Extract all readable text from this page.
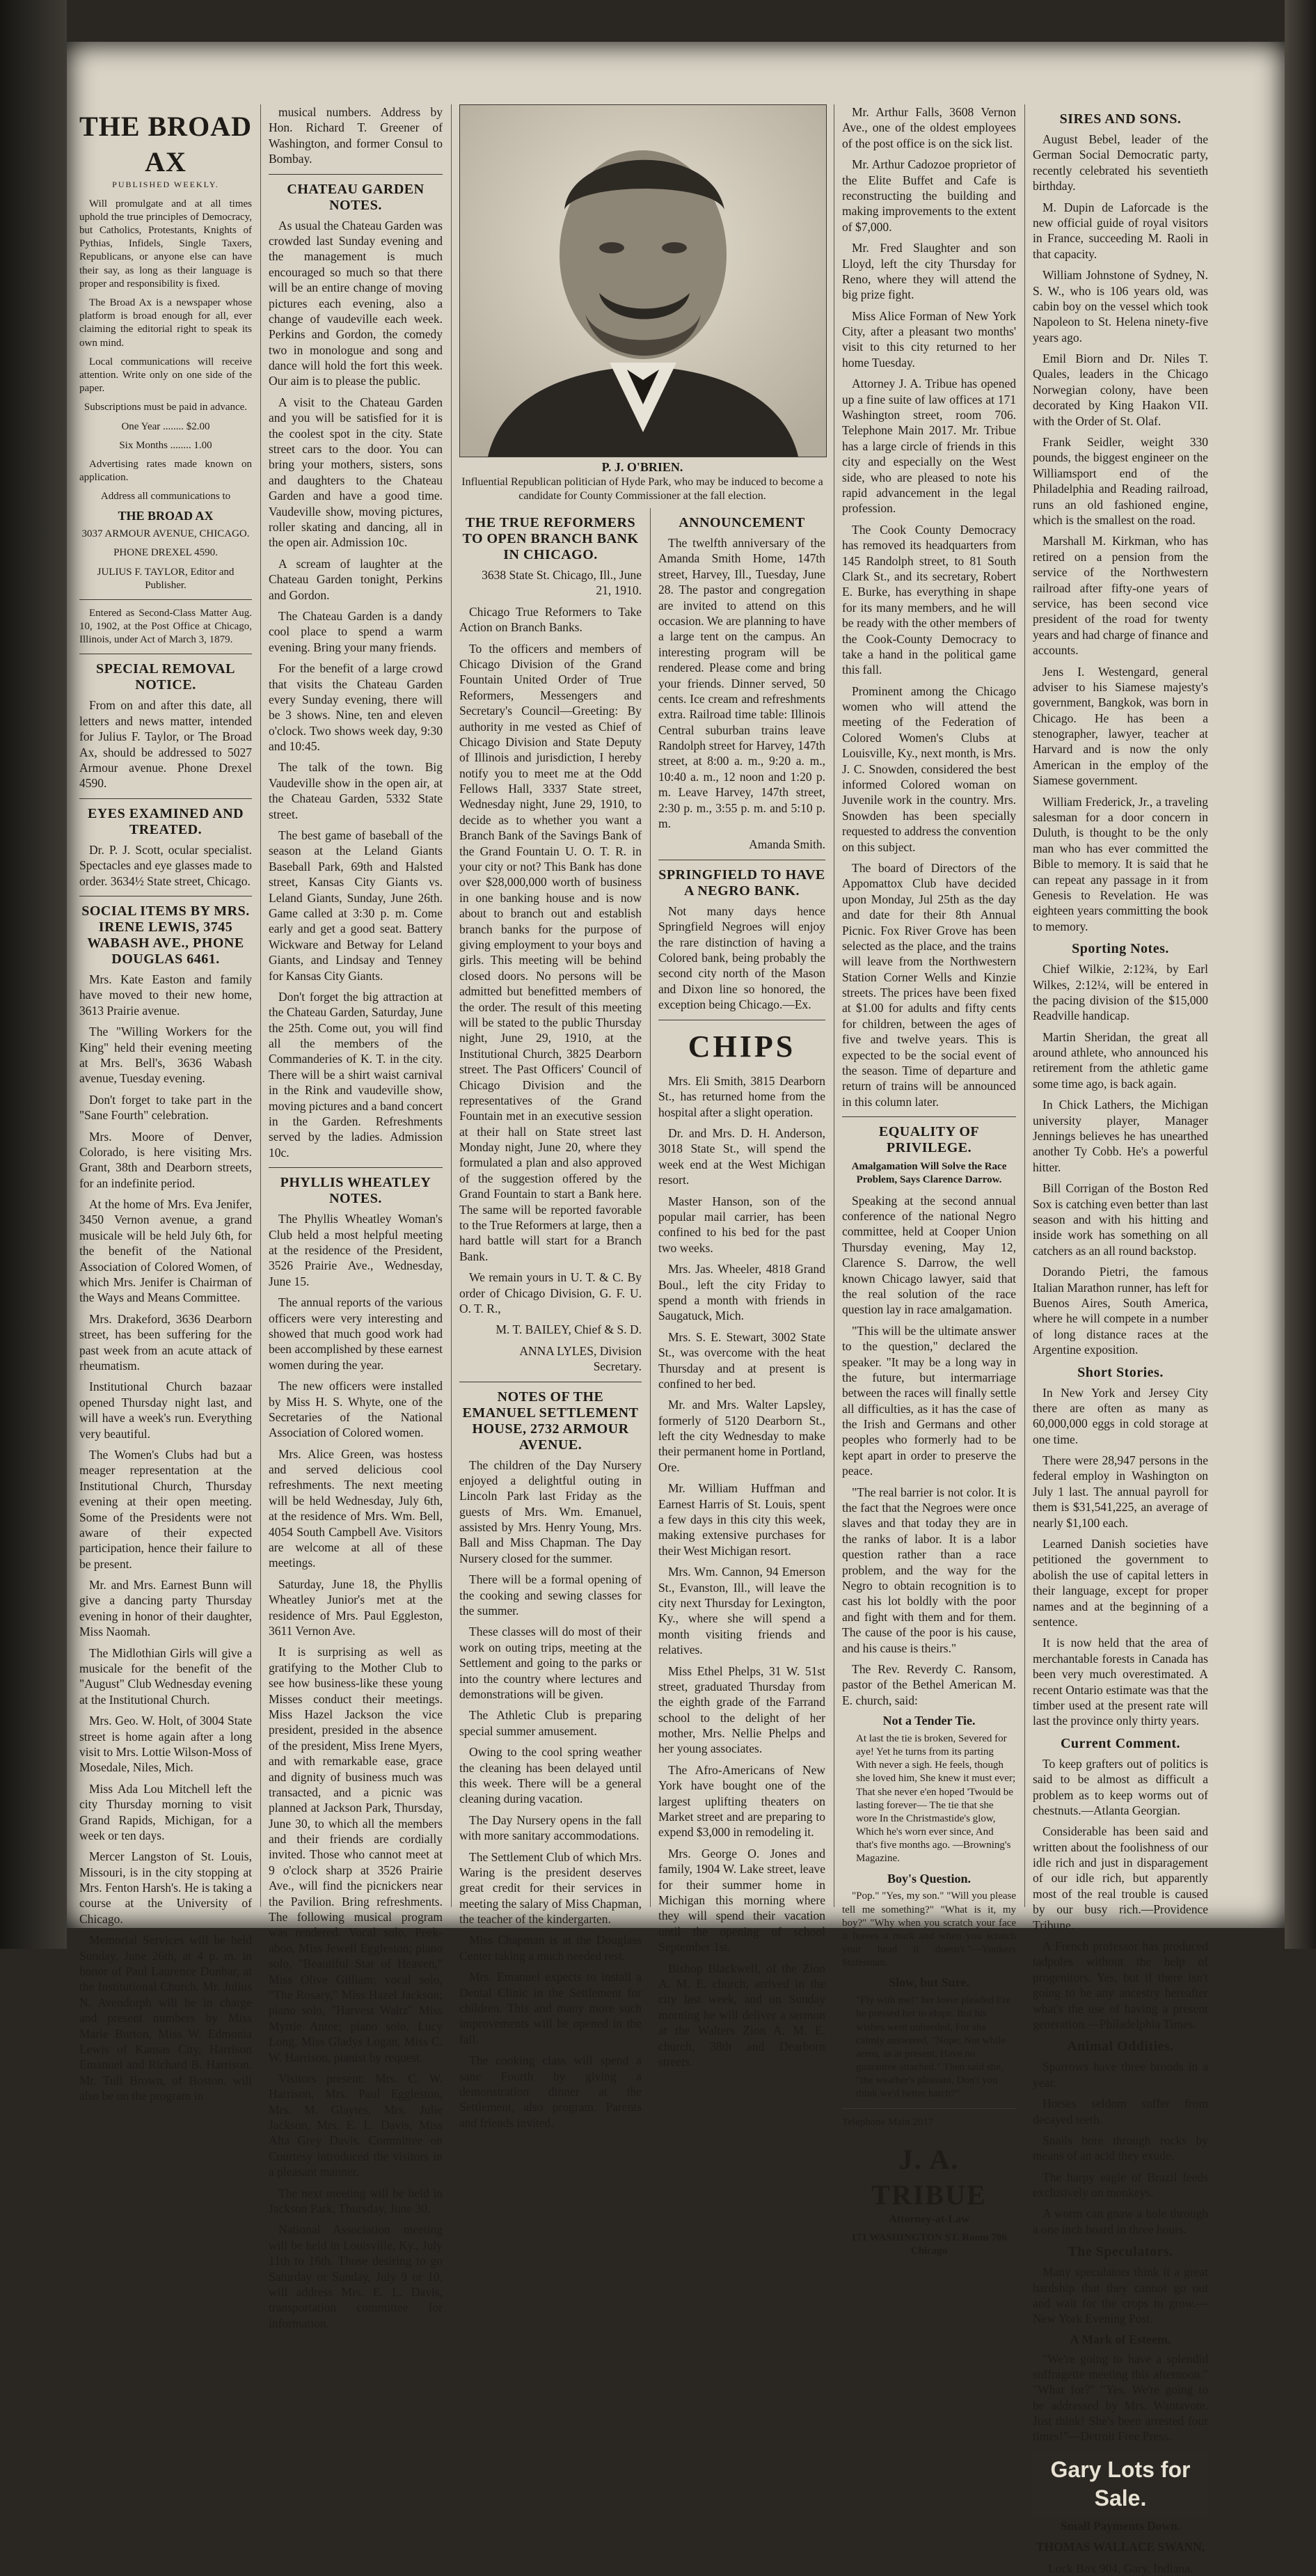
THE BROAD AX
PUBLISHED WEEKLY.

Will promulgate and at all times uphold the true principles of Democracy, but Catholics, Protestants, Knights of Pythias, Infidels, Single Taxers, Republicans, or anyone else can have their say, as long as their language is proper and responsibility is fixed.

The Broad Ax is a newspaper whose platform is broad enough for all, ever claiming the editorial right to speak its own mind.

Local communications will receive attention. Write only on one side of the paper.

Subscriptions must be paid in advance.

One Year ........ $2.00

Six Months ........ 1.00

Advertising rates made known on application.

Address all communications to

THE BROAD AX

3037 ARMOUR AVENUE, CHICAGO.

PHONE DREXEL 4590.

JULIUS F. TAYLOR, Editor and Publisher.

Entered as Second-Class Matter Aug. 10, 1902, at the Post Office at Chicago, Illinois, under Act of March 3, 1879.

SPECIAL REMOVAL NOTICE.

From on and after this date, all letters and news matter, intended for Julius F. Taylor, or The Broad Ax, should be addressed to 5027 Armour avenue. Phone Drexel 4590.

EYES EXAMINED AND TREATED.

Dr. P. J. Scott, ocular specialist. Spectacles and eye glasses made to order. 3634½ State street, Chicago.

SOCIAL ITEMS BY MRS. IRENE LEWIS, 3745 WABASH AVE., PHONE DOUGLAS 6461.

Mrs. Kate Easton and family have moved to their new home, 3613 Prairie avenue.

The "Willing Workers for the King" held their evening meeting at Mrs. Bell's, 3636 Wabash avenue, Tuesday evening.

Don't forget to take part in the "Sane Fourth" celebration.

Mrs. Moore of Denver, Colorado, is here visiting Mrs. Grant, 38th and Dearborn streets, for an indefinite period.

At the home of Mrs. Eva Jenifer, 3450 Vernon avenue, a grand musicale will be held July 6th, for the benefit of the National Association of Colored Women, of which Mrs. Jenifer is Chairman of the Ways and Means Committee.

Mrs. Drakeford, 3636 Dearborn street, has been suffering for the past week from an acute attack of rheumatism.

Institutional Church bazaar opened Thursday night last, and will have a week's run. Everything very beautiful.

The Women's Clubs had but a meager representation at the Institutional Church, Thursday evening at their open meeting. Some of the Presidents were not aware of their expected participation, hence their failure to be present.

Mr. and Mrs. Earnest Bunn will give a dancing party Thursday evening in honor of their daughter, Miss Naomah.

The Midlothian Girls will give a musicale for the benefit of the "August" Club Wednesday evening at the Institutional Church.

Mrs. Geo. W. Holt, of 3004 State street is home again after a long visit to Mrs. Lottie Wilson-Moss of Mosedale, Niles, Mich.

Miss Ada Lou Mitchell left the city Thursday morning to visit Grand Rapids, Michigan, for a week or ten days.

Mercer Langston of St. Louis, Missouri, is in the city stopping at Mrs. Fenton Harsh's. He is taking a course at the University of Chicago.

Memorial Services will be held Sunday, June 26th, at 4 p. m. in honor of Paul Laurence Dunbar, at the Institutional Church. Mr. Julius N. Avendorph will be in charge and present numbers by Miss Marie Burton, Miss W. Edmonia Lewis of Kansas City, Harrison Emanuel and Richard B. Harrison. Mr. Tull Brown, of Boston, will also be on the program in

musical numbers. Address by Hon. Richard T. Greener of Washington, and former Consul to Bombay.

CHATEAU GARDEN NOTES.

As usual the Chateau Garden was crowded last Sunday evening and the management is much encouraged so much so that there will be an entire change of moving pictures each evening, also a change of vaudeville each week. Perkins and Gordon, the comedy two in monologue and song and dance will hold the fort this week. Our aim is to please the public.

A visit to the Chateau Garden and you will be satisfied for it is the coolest spot in the city. State street cars to the door. You can bring your mothers, sisters, sons and daughters to the Chateau Garden and have a good time. Vaudeville show, moving pictures, roller skating and dancing, all in the open air. Admission 10c.

A scream of laughter at the Chateau Garden tonight, Perkins and Gordon.

The Chateau Garden is a dandy cool place to spend a warm evening. Bring your many friends.

For the benefit of a large crowd that visits the Chateau Garden every Sunday evening, there will be 3 shows. Nine, ten and eleven o'clock. Two shows week day, 9:30 and 10:45.

The talk of the town. Big Vaudeville show in the open air, at the Chateau Garden, 5332 State street.

The best game of baseball of the season at the Leland Giants Baseball Park, 69th and Halsted street, Kansas City Giants vs. Leland Giants, Sunday, June 26th. Game called at 3:30 p. m. Come early and get a good seat. Battery Wickware and Betway for Leland Giants, and Lindsay and Tenney for Kansas City Giants.

Don't forget the big attraction at the Chateau Garden, Saturday, June the 25th. Come out, you will find all the members of the Commanderies of K. T. in the city. There will be a shirt waist carnival in the Rink and vaudeville show, moving pictures and a band concert in the Garden. Refreshments served by the ladies. Admission 10c.

PHYLLIS WHEATLEY NOTES.

The Phyllis Wheatley Woman's Club held a most helpful meeting at the residence of the President, 3526 Prairie Ave., Wednesday, June 15.

The annual reports of the various officers were very interesting and showed that much good work had been accomplished by these earnest women during the year.

The new officers were installed by Miss H. S. Whyte, one of the Secretaries of the National Association of Colored women.

Mrs. Alice Green, was hostess and served delicious cool refreshments. The next meeting will be held Wednesday, July 6th, at the residence of Mrs. Wm. Bell, 4054 South Campbell Ave. Visitors are welcome at all of these meetings.

Saturday, June 18, the Phyllis Wheatley Junior's met at the residence of Mrs. Paul Eggleston, 3611 Vernon Ave.

It is surprising as well as gratifying to the Mother Club to see how business-like these young Misses conduct their meetings. Miss Hazel Jackson the vice president, presided in the absence of the president, Miss Irene Myers, and with remarkable ease, grace and dignity of business much was transacted, and a picnic was planned at Jackson Park, Thursday, June 30, to which all the members and their friends are cordially invited. Those who cannot meet at 9 o'clock sharp at 3526 Prairie Ave., will find the picnickers near the Pavilion. Bring refreshments. The following musical program was rendered. Vocal solo, Peek-aboo, Miss Jewell Eggleston; piano solo, "Beautiful Star of Heaven," Miss Olive Gilliam; vocal solo, "The Rosary," Miss Hazel Jackson; piano solo, "Harvest Waltz" Miss Myrtle Antee; piano solo, Lucy Long, Miss Gladys Logan, Miss C. W. Harrison, pianist by request.

Visitors present: Mrs. C. W. Harrison, Mrs. Paul Eggleston, Mrs. M. Glaytes, Mrs. Julie Jackson, Mrs. E. L. Davis, Miss Alta Grey Davis. Committee on Courtesy introduced the visitors in a pleasant manner.

The next meeting will be held in Jackson Park, Thursday, June 30.

National Association meeting will be held in Louisville, Ky., July 11th to 16th. Those desiring to go Saturday or Sunday, July 9 or 10, will address Mrs. E. L. Davis, transportation committee for information.

P. J. O'BRIEN.
Influential Republican politician of Hyde Park, who may be induced to become a candidate for County Commissioner at the fall election.
THE TRUE REFORMERS TO OPEN BRANCH BANK IN CHICAGO.

3638 State St. Chicago, Ill., June 21, 1910.

Chicago True Reformers to Take Action on Branch Banks.

To the officers and members of Chicago Division of the Grand Fountain United Order of True Reformers, Messengers and Secretary's Council—Greeting: By authority in me vested as Chief of Chicago Division and State Deputy of Illinois and jurisdiction, I hereby notify you to meet me at the Odd Fellows Hall, 3337 State street, Wednesday night, June 29, 1910, to decide as to whether you want a Branch Bank of the Savings Bank of the Grand Fountain U. O. T. R. in your city or not? This Bank has done over $28,000,000 worth of business in one banking house and is now about to branch out and establish branch banks for the purpose of giving employment to your boys and girls. This meeting will be behind closed doors. No persons will be admitted but benefitted members of the order. The result of this meeting will be stated to the public Thursday night, June 29, 1910, at the Institutional Church, 3825 Dearborn street. The Past Officers' Council of Chicago Division and the representatives of the Grand Fountain met in an executive session at their hall on State street last Monday night, June 20, where they formulated a plan and also approved of the suggestion offered by the Grand Fountain to start a Bank here. The same will be reported favorable to the True Reformers at large, then a hard battle will start for a Branch Bank.

We remain yours in U. T. & C. By order of Chicago Division, G. F. U. O. T. R.,

M. T. BAILEY, Chief & S. D.

ANNA LYLES, Division Secretary.

NOTES OF THE EMANUEL SETTLEMENT HOUSE, 2732 ARMOUR AVENUE.

The children of the Day Nursery enjoyed a delightful outing in Lincoln Park last Friday as the guests of Mrs. Wm. Emanuel, assisted by Mrs. Henry Young, Mrs. Ball and Miss Chapman. The Day Nursery closed for the summer.

There will be a formal opening of the cooking and sewing classes for the summer.

These classes will do most of their work on outing trips, meeting at the Settlement and going to the parks or into the country where lectures and demonstrations will be given.

The Athletic Club is preparing special summer amusement.

Owing to the cool spring weather the cleaning has been delayed until this week. There will be a general cleaning during vacation.

The Day Nursery opens in the fall with more sanitary accommodations.

The Settlement Club of which Mrs. Waring is the president deserves great credit for their services in meeting the salary of Miss Chapman, the teacher of the kindergarten.

Miss Chapman is at the Douglass Center taking a much needed rest.

Mrs. Emanuel expects to install a Dental Clinic in the Settlement for children. This and many more such improvements will be opened in the fall.

The cooking class will spend a sane Fourth by giving a demonstration dinner at the Settlement, also program. Parents and friends invited.

ANNOUNCEMENT

The twelfth anniversary of the Amanda Smith Home, 147th street, Harvey, Ill., Tuesday, June 28. The pastor and congregation are invited to attend on this occasion. We are planning to have a large tent on the campus. An interesting program will be rendered. Please come and bring your friends. Dinner served, 50 cents. Ice cream and refreshments extra. Railroad time table: Illinois Central suburban trains leave Randolph street for Harvey, 147th street, at 8:00 a. m., 9:20 a. m., 10:40 a. m., 12 noon and 1:20 p. m. Leave Harvey, 147th street, 2:30 p. m., 3:55 p. m. and 5:10 p. m.

Amanda Smith.

SPRINGFIELD TO HAVE A NEGRO BANK.

Not many days hence Springfield Negroes will enjoy the rare distinction of having a Colored bank, being probably the second city north of the Mason and Dixon line so honored, the exception being Chicago.—Ex.

CHIPS

Mrs. Eli Smith, 3815 Dearborn St., has returned home from the hospital after a slight operation.

Dr. and Mrs. D. H. Anderson, 3018 State St., will spend the week end at the West Michigan resort.

Master Hanson, son of the popular mail carrier, has been confined to his bed for the past two weeks.

Mrs. Jas. Wheeler, 4818 Grand Boul., left the city Friday to spend a month with friends in Saugatuck, Mich.

Mrs. S. E. Stewart, 3002 State St., was overcome with the heat Thursday and at present is confined to her bed.

Mr. and Mrs. Walter Lapsley, formerly of 5120 Dearborn St., left the city Wednesday to make their permanent home in Portland, Ore.

Mr. William Huffman and Earnest Harris of St. Louis, spent a few days in this city this week, making extensive purchases for their West Michigan resort.

Mrs. Wm. Cannon, 94 Emerson St., Evanston, Ill., will leave the city next Thursday for Lexington, Ky., where she will spend a month visiting friends and relatives.

Miss Ethel Phelps, 31 W. 51st street, graduated Thursday from the eighth grade of the Farrand school to the delight of her mother, Mrs. Nellie Phelps and her young associates.

The Afro-Americans of New York have bought one of the largest uplifting theaters on Market street and are preparing to expend $3,000 in remodeling it.

Mrs. George O. Jones and family, 1904 W. Lake street, leave for their summer home in Michigan this morning where they will spend their vacation until the opening of school September 1st.

Bishop Blackwell, of the Zion A. M. E. church, arrived in the city last week, and on Sunday morning he will deliver a sermon at the Walters Zion A. M. E. church, 38th and Dearborn streets.

Mr. Arthur Falls, 3608 Vernon Ave., one of the oldest employees of the post office is on the sick list.

Mr. Arthur Cadozoe proprietor of the Elite Buffet and Cafe is reconstructing the building and making improvements to the extent of $7,000.

Mr. Fred Slaughter and son Lloyd, left the city Thursday for Reno, where they will attend the big prize fight.

Miss Alice Forman of New York City, after a pleasant two months' visit to this city returned to her home Tuesday.

Attorney J. A. Tribue has opened up a fine suite of law offices at 171 Washington street, room 706. Telephone Main 2017. Mr. Tribue has a large circle of friends in this city and especially on the West side, who are pleased to note his rapid advancement in the legal profession.

The Cook County Democracy has removed its headquarters from 145 Randolph street, to 81 South Clark St., and its secretary, Robert E. Burke, has everything in shape for its many members, and he will be ready with the other members of the Cook-County Democracy to take a hand in the political game this fall.

Prominent among the Chicago women who will attend the meeting of the Federation of Colored Women's Clubs at Louisville, Ky., next month, is Mrs. J. C. Snowden, considered the best informed Colored woman on Juvenile work in the country. Mrs. Snowden has been specially requested to address the convention on this subject.

The board of Directors of the Appomattox Club have decided upon Monday, Jul 25th as the day and date for their 8th Annual Picnic. Fox River Grove has been selected as the place, and the trains will leave from the Northwestern Station Corner Wells and Kinzie streets. The prices have been fixed at $1.00 for adults and fifty cents for children, between the ages of five and twelve years. This is expected to be the social event of the season. Time of departure and return of trains will be announced in this column later.

EQUALITY OF PRIVILEGE.

Amalgamation Will Solve the Race Problem, Says Clarence Darrow.

Speaking at the second annual conference of the national Negro committee, held at Cooper Union Thursday evening, May 12, Clarence S. Darrow, the well known Chicago lawyer, said that the real solution of the race question lay in race amalgamation.

"This will be the ultimate answer to the question," declared the speaker. "It may be a long way in the future, but intermarriage between the races will finally settle all difficulties, as it has the case of the Irish and Germans and other peoples who formerly had to be kept apart in order to preserve the peace.

"The real barrier is not color. It is the fact that the Negroes were once slaves and that today they are in the ranks of labor. It is a labor question rather than a race problem, and the way for the Negro to obtain recognition is to cast his lot boldly with the poor and fight with them and for them. The cause of the poor is his cause, and his cause is theirs."

The Rev. Reverdy C. Ransom, pastor of the Bethel American M. E. church, said:

Not a Tender Tie.

At last the tie is broken, Severed for aye! Yet he turns from its parting With never a sigh. He feels, though she loved him, She knew it must ever; That she never e'en hoped 'Twould be lasting forever— The tie that she wore In the Christmastide's glow, Which he's worn ever since, And that's five months ago. —Browning's Magazine.

Boy's Question.

"Pop." "Yes, my son." "Will you please tell me something?" "What is it, my boy?" "Why when you scratch your face it leaves a mark and when you scratch your head it doesn't."—Yonkers Statesman.

Slow, but Sure.

"Fly with me!" her lover pleaded Ere he pressed her to elope. But his wishes went unheeded, For she calmly answered, "Nope; Not while aeros, as at present, Have no guarantee attached." Then said she, "the weather's pleasant, Don't you think we'd better hatch?"

Telephone Main 2017

J. A. TRIBUE
Attorney-at-Law
171 WASHINGTON ST. Room 706 Chicago
SIRES AND SONS.

August Bebel, leader of the German Social Democratic party, recently celebrated his seventieth birthday.

M. Dupin de Laforcade is the new official guide of royal visitors in France, succeeding M. Raoli in that capacity.

William Johnstone of Sydney, N. S. W., who is 106 years old, was cabin boy on the vessel which took Napoleon to St. Helena ninety-five years ago.

Emil Biorn and Dr. Niles T. Quales, leaders in the Chicago Norwegian colony, have been decorated by King Haakon VII. with the Order of St. Olaf.

Frank Seidler, weight 330 pounds, the biggest engineer on the Williamsport end of the Philadelphia and Reading railroad, runs an old fashioned engine, which is the smallest on the road.

Marshall M. Kirkman, who has retired on a pension from the service of the Northwestern railroad after fifty-one years of service, has been second vice president of the road for twenty years and had charge of finance and accounts.

Jens I. Westengard, general adviser to his Siamese majesty's government, Bangkok, was born in Chicago. He has been a stenographer, lawyer, teacher at Harvard and is now the only American in the employ of the Siamese government.

William Frederick, Jr., a traveling salesman for a door concern in Duluth, is thought to be the only man who has ever committed the Bible to memory. It is said that he can repeat any passage in it from Genesis to Revelation. He was eighteen years committing the book to memory.

Sporting Notes.

Chief Wilkie, 2:12¾, by Earl Wilkes, 2:12¼, will be entered in the pacing division of the $15,000 Readville handicap.

Martin Sheridan, the great all around athlete, who announced his retirement from the athletic game some time ago, is back again.

In Chick Lathers, the Michigan university player, Manager Jennings believes he has unearthed another Ty Cobb. He's a powerful hitter.

Bill Corrigan of the Boston Red Sox is catching even better than last season and with his hitting and inside work has something on all catchers as an all round backstop.

Dorando Pietri, the famous Italian Marathon runner, has left for Buenos Aires, South America, where he will compete in a number of long distance races at the Argentine exposition.

Short Stories.

In New York and Jersey City there are often as many as 60,000,000 eggs in cold storage at one time.

There were 28,947 persons in the federal employ in Washington on July 1 last. The annual payroll for them is $31,541,225, an average of nearly $1,100 each.

Learned Danish societies have petitioned the government to abolish the use of capital letters in their language, except for proper names and at the beginning of a sentence.

It is now held that the area of merchantable forests in Canada has been very much overestimated. A recent Ontario estimate was that the timber used at the present rate will last the province only thirty years.

Current Comment.

To keep grafters out of politics is said to be almost as difficult a problem as to keep worms out of chestnuts.—Atlanta Georgian.

Considerable has been said and written about the foolishness of our idle rich and just in disparagement of our idle rich, but apparently most of the real trouble is caused by our busy rich.—Providence Tribune.

A French professor has produced tadpoles without the help of progenitors. Yes, but if there isn't going to be any ancestry hereafter what's the use of having a present generation.—Philadelphia Times.

Animal Oddities.

Sparrows have three broods in a year.

Horses seldom suffer from decayed teeth.

Snails bore through rocks by means of an acid they exude.

The harpy eagle of Brazil feeds exclusively on monkeys.

A worm can gnaw a hole through a one inch board in three hours.

The Speculators.

Many speculators think it a great hardship that they cannot go out and wait for the crops to grow.—New York Evening Post.

A Mark of Esteem.

"We're going to have a splendid suffragette meeting this afternoon." "Whar for?" "Yes. We're going to be addressed by Mrs. Wantavote. Just think! She's been arrested four times!"—Detroit Free Press.

Gary Lots for Sale.

Small Payments Down.

THOMAS WALLACE SWANN,

Lock Box 904, Gary, Indiana.
